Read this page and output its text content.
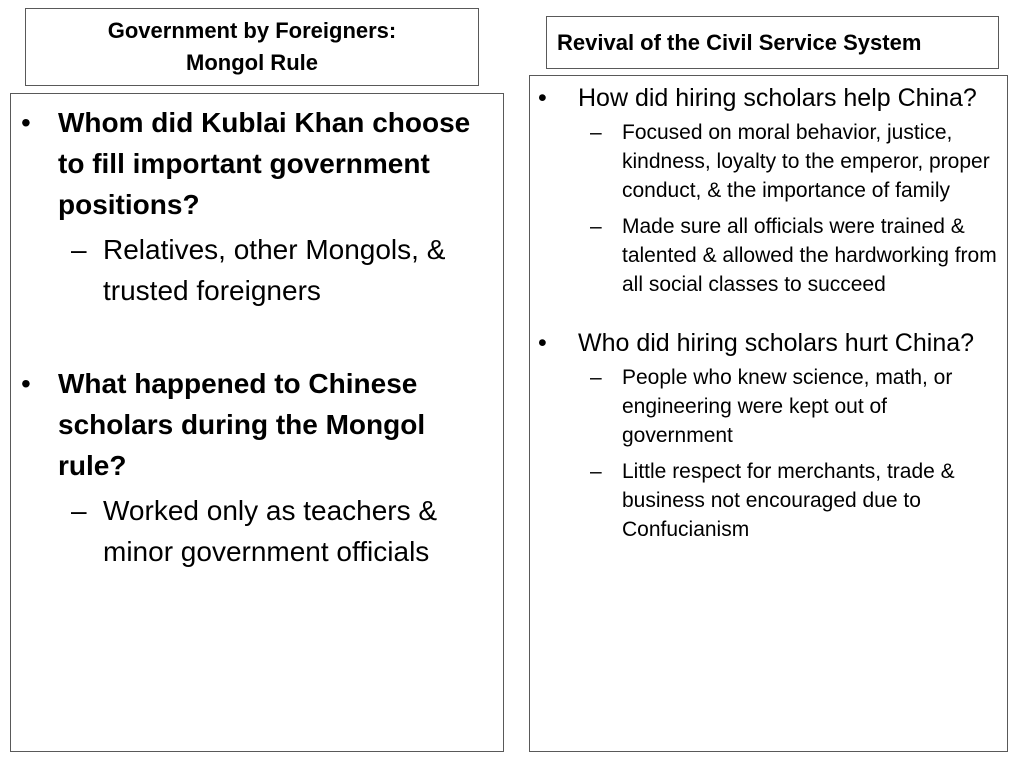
Government by Foreigners:
Mongol Rule
Revival of the Civil Service System
• Whom did Kublai Khan choose to fill important government positions?
– Relatives, other Mongols, & trusted foreigners
• What happened to Chinese scholars during the Mongol rule?
– Worked only as teachers & minor government officials
• How did hiring scholars help China?
– Focused on moral behavior, justice, kindness, loyalty to the emperor, proper conduct, & the importance of family
– Made sure all officials were trained & talented & allowed the hardworking from all social classes to succeed
• Who did hiring scholars hurt China?
– People who knew science, math, or engineering were kept out of government
– Little respect for merchants, trade & business not encouraged due to Confucianism
